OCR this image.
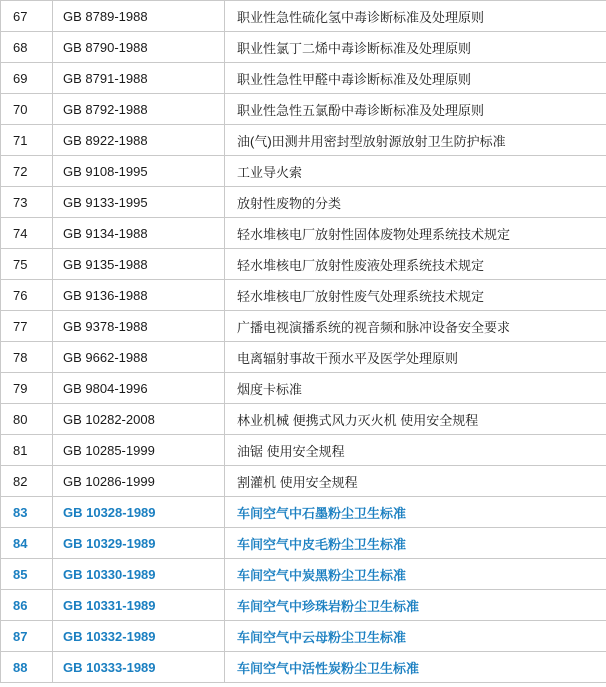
67	GB 8789-1988	职业性急性硫化氢中毒诊断标准及处理原则
68	GB 8790-1988	职业性氯丁二烯中毒诊断标准及处理原则
69	GB 8791-1988	职业性急性甲醛中毒诊断标准及处理原则
70	GB 8792-1988	职业性急性五氯酚中毒诊断标准及处理原则
71	GB 8922-1988	油(气)田测井用密封型放射源放射卫生防护标准
72	GB 9108-1995	工业导火索
73	GB 9133-1995	放射性废物的分类
74	GB 9134-1988	轻水堆核电厂放射性固体废物处理系统技术规定
75	GB 9135-1988	轻水堆核电厂放射性废液处理系统技术规定
76	GB 9136-1988	轻水堆核电厂放射性废气处理系统技术规定
77	GB 9378-1988	广播电视演播系统的视音频和脉冲设备安全要求
78	GB 9662-1988	电离辐射事故干预水平及医学处理原则
79	GB 9804-1996	烟度卡标准
80	GB 10282-2008	林业机械 便携式风力灭火机 使用安全规程
81	GB 10285-1999	油锯 使用安全规程
82	GB 10286-1999	割灌机 使用安全规程
83	GB 10328-1989	车间空气中石墨粉尘卫生标准
84	GB 10329-1989	车间空气中皮毛粉尘卫生标准
85	GB 10330-1989	车间空气中炭黑粉尘卫生标准
86	GB 10331-1989	车间空气中珍珠岩粉尘卫生标准
87	GB 10332-1989	车间空气中云母粉尘卫生标准
88	GB 10333-1989	车间空气中活性炭粉尘卫生标准
